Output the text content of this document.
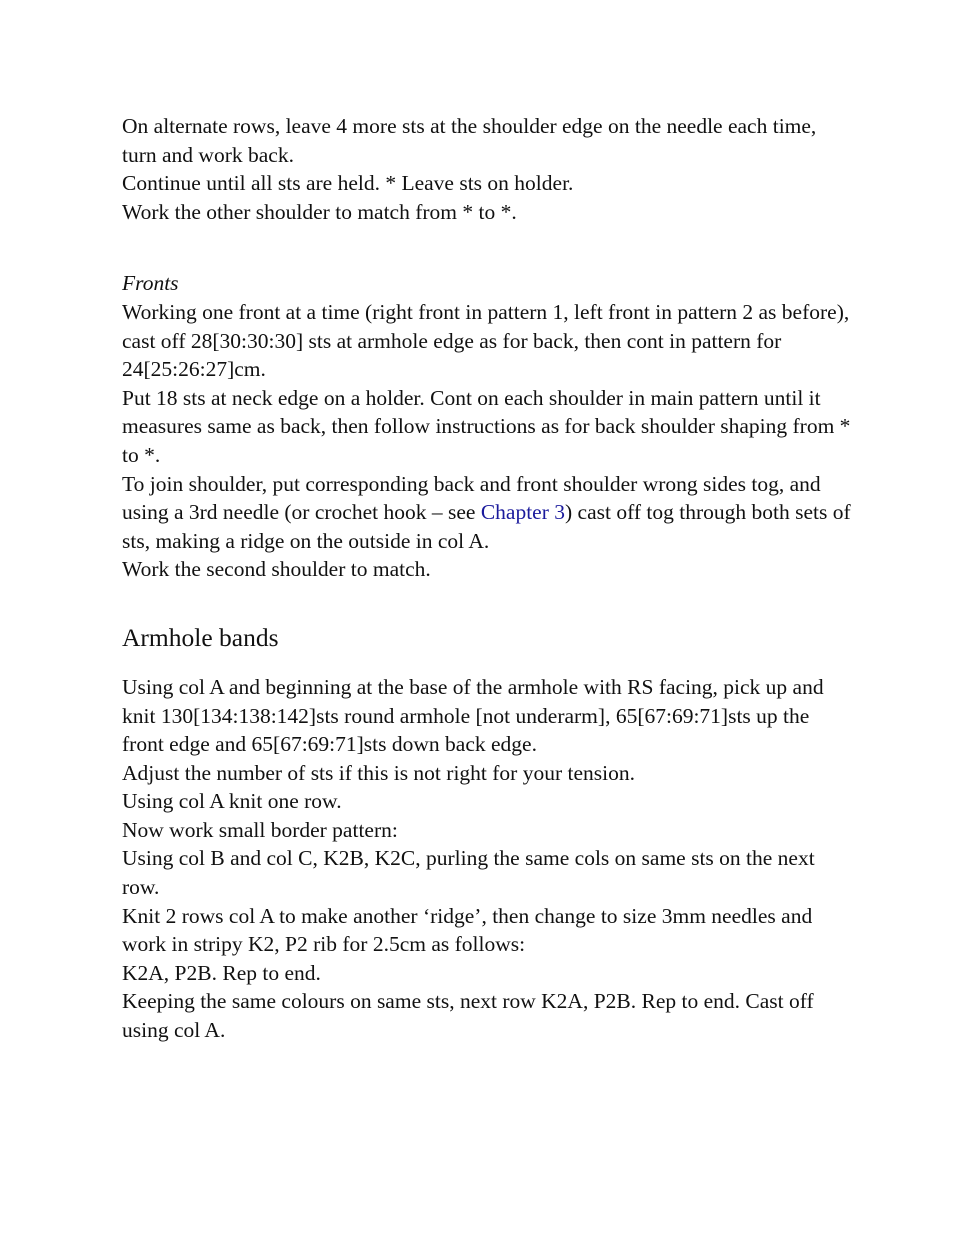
On alternate rows, leave 4 more sts at the shoulder edge on the needle each time, turn and work back.

Continue until all sts are held. * Leave sts on holder.

Work the other shoulder to match from * to *.

Fronts

Working one front at a time (right front in pattern 1, left front in pattern 2 as before), cast off 28[30:30:30] sts at armhole edge as for back, then cont in pattern for 24[25:26:27]cm.

Put 18 sts at neck edge on a holder. Cont on each shoulder in main pattern until it measures same as back, then follow instructions as for back shoulder shaping from * to *.

To join shoulder, put corresponding back and front shoulder wrong sides tog, and using a 3rd needle (or crochet hook – see Chapter 3) cast off tog through both sets of sts, making a ridge on the outside in col A.

Work the second shoulder to match.

Armhole bands

Using col A and beginning at the base of the armhole with RS facing, pick up and knit 130[134:138:142]sts round armhole [not underarm], 65[67:69:71]sts up the front edge and 65[67:69:71]sts down back edge.

Adjust the number of sts if this is not right for your tension.

Using col A knit one row.

Now work small border pattern:

Using col B and col C, K2B, K2C, purling the same cols on same sts on the next row.

Knit 2 rows col A to make another ‘ridge’, then change to size 3mm needles and work in stripy K2, P2 rib for 2.5cm as follows:

K2A, P2B. Rep to end.

Keeping the same colours on same sts, next row K2A, P2B. Rep to end. Cast off using col A.
